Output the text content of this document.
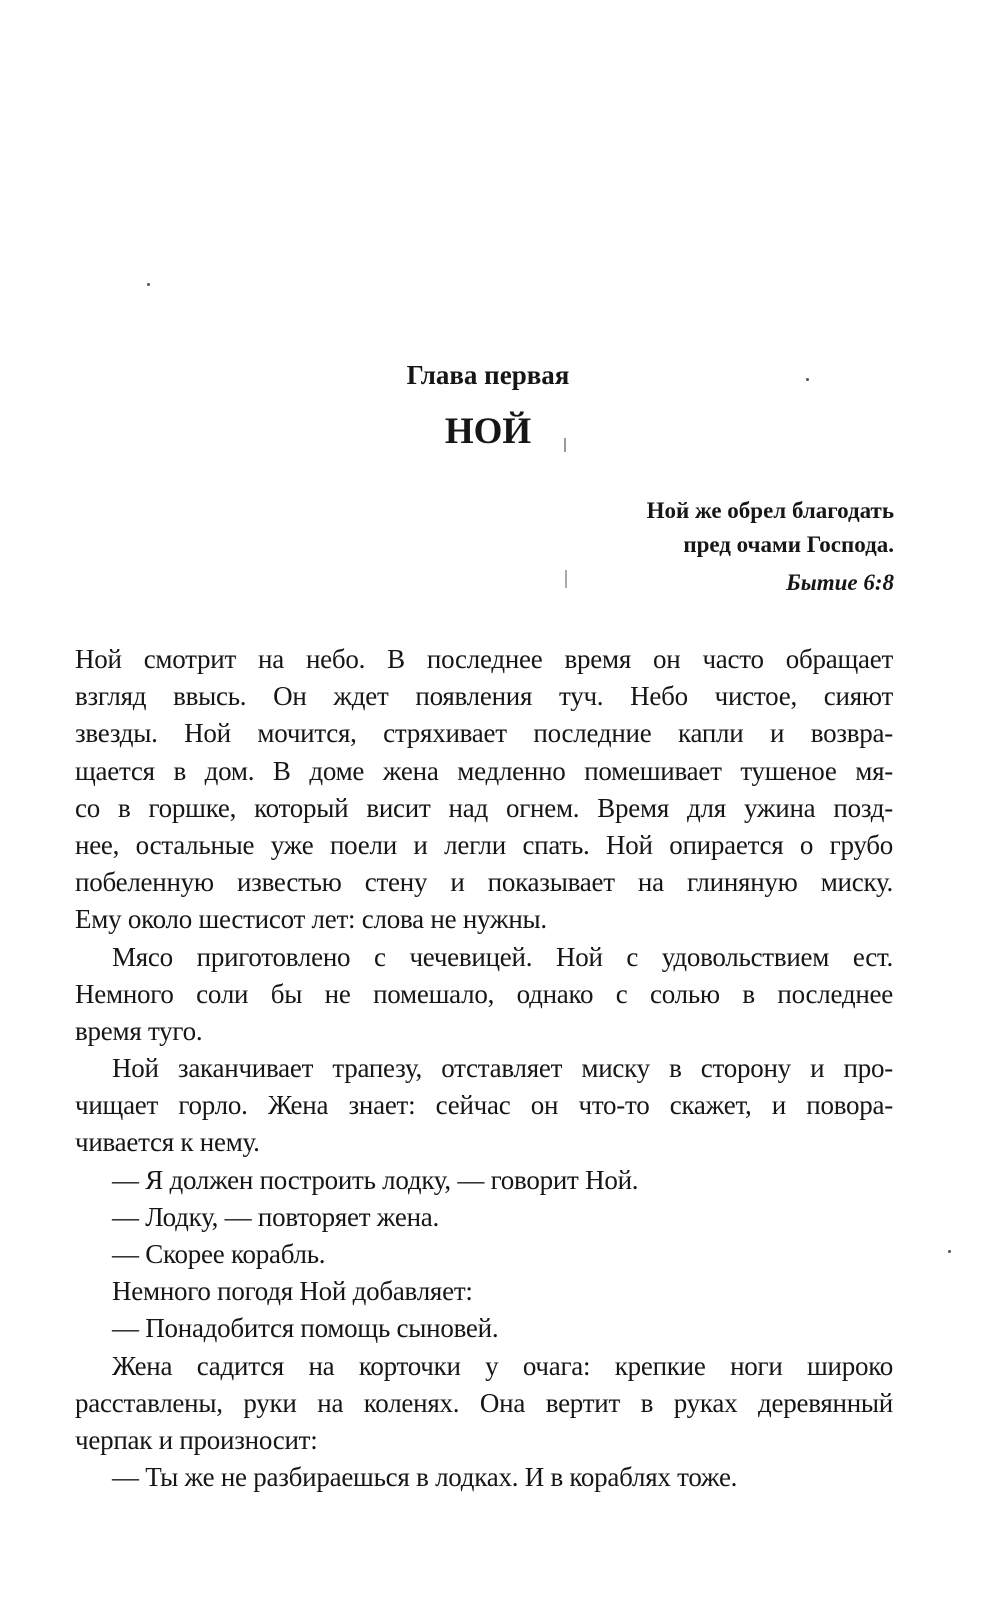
Глава первая
НОЙ
Ной же обрел благодать
пред очами Господа.
Бытие 6:8
Ной смотрит на небо. В последнее время он часто обращает
взгляд ввысь. Он ждет появления туч. Небо чистое, сияют
звезды. Ной мочится, стряхивает последние капли и возвра-
щается в дом. В доме жена медленно помешивает тушеное мя-
со в горшке, который висит над огнем. Время для ужина позд-
нее, остальные уже поели и легли спать. Ной опирается о грубо
побеленную известью стену и показывает на глиняную миску.
Ему около шестисот лет: слова не нужны.
Мясо приготовлено с чечевицей. Ной с удовольствием ест.
Немного соли бы не помешало, однако с солью в последнее
время туго.
Ной заканчивает трапезу, отставляет миску в сторону и про-
чищает горло. Жена знает: сейчас он что-то скажет, и повора-
чивается к нему.
— Я должен построить лодку, — говорит Ной.
— Лодку, — повторяет жена.
— Скорее корабль.
Немного погодя Ной добавляет:
— Понадобится помощь сыновей.
Жена садится на корточки у очага: крепкие ноги широко
расставлены, руки на коленях. Она вертит в руках деревянный
черпак и произносит:
— Ты же не разбираешься в лодках. И в кораблях тоже.
